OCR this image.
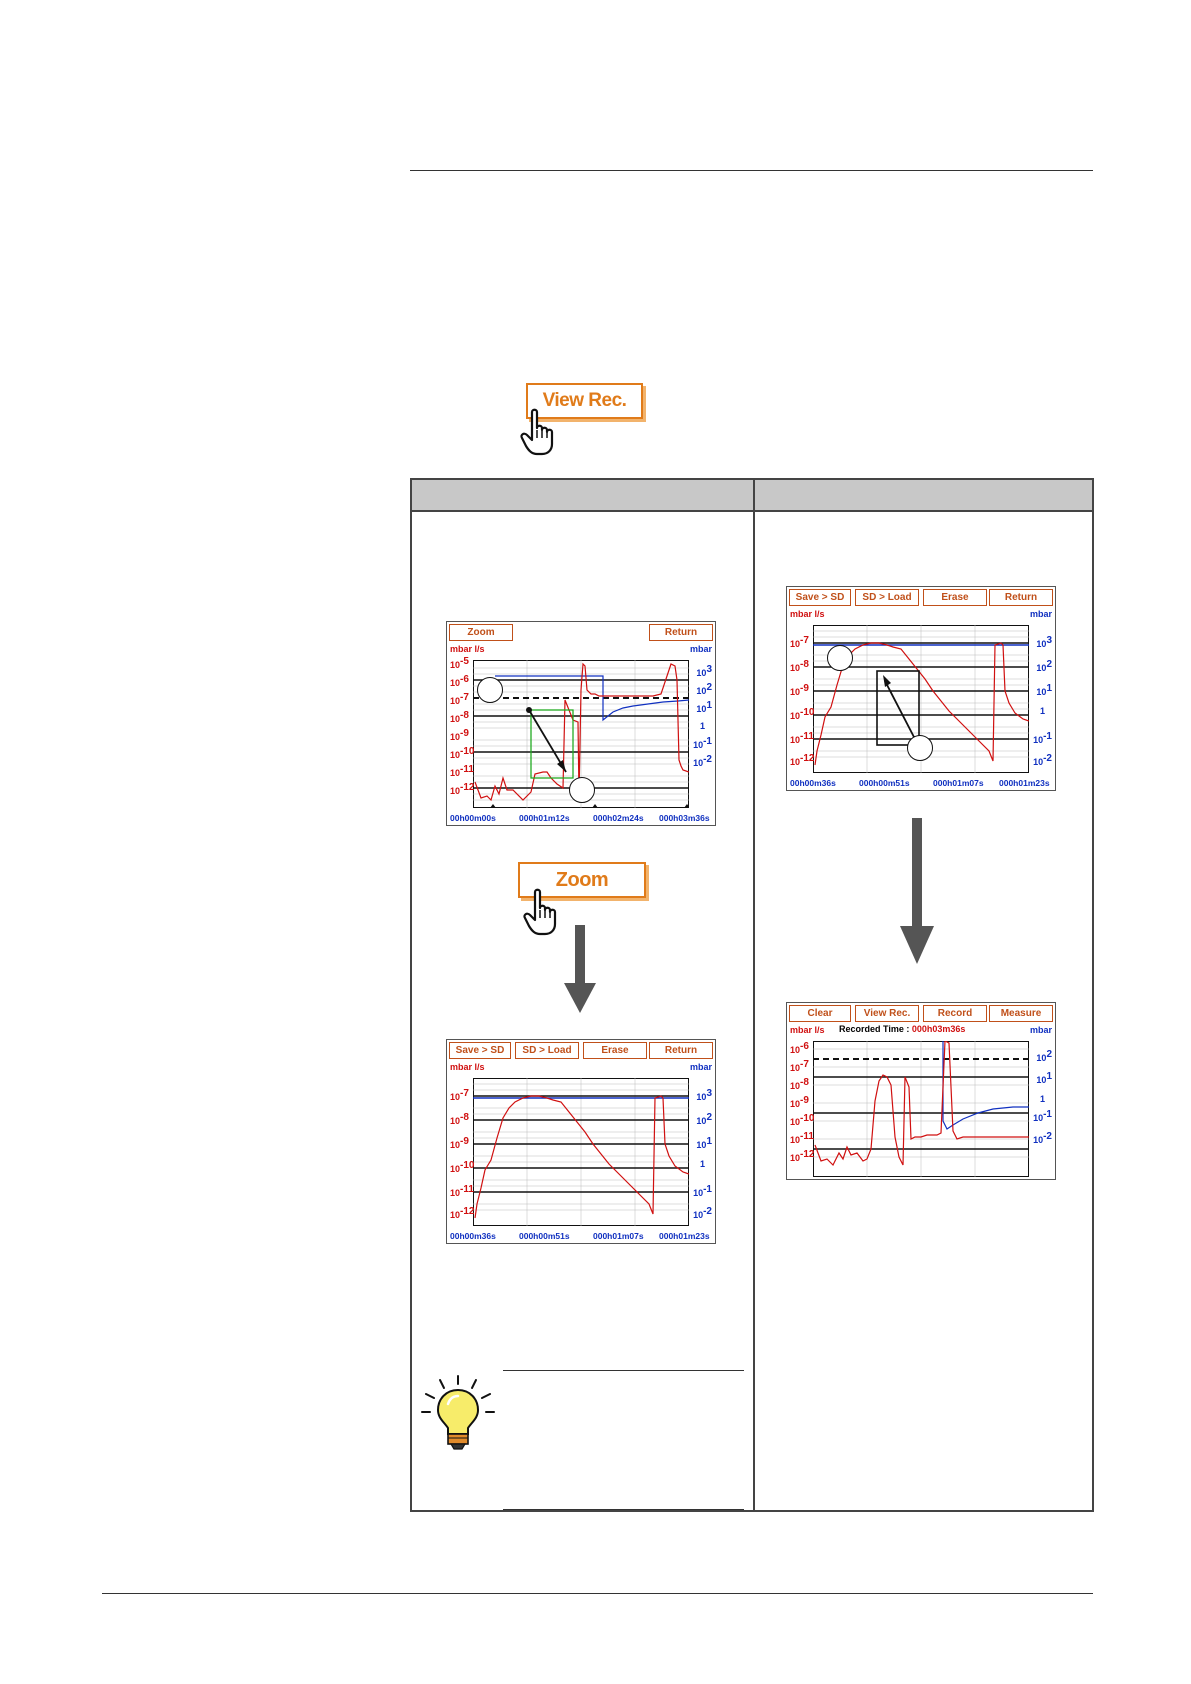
View Rec.
Zoom	Return
mbar l/s	mbar
$10^{-5}$
$10^{-6}$
$10^{-7}$
$10^{-8}$
$10^{-9}$
$10^{-10}$
$10^{-11}$
$10^{-12}$
$10^3$
$10^2$
$10^1$
1
$10^{-1}$
$10^{-2}$
00h00m00s	000h01m12s	000h02m24s 000h03m36s
Zoom
Save > SD	SD > Load	Erase	Return
mbar l/s	mbar
$10^{-7}$
$10^{-8}$
$10^{-9}$
$10^{-10}$
$10^{-11}$
$10^{-12}$
$10^3$
$10^2$
$10^1$
1
$10^{-1}$
$10^{-2}$
00h00m36s	000h00m51s	000h01m07s 000h01m23s
Save > SD	SD > Load	Erase	Return
mbar l/s	mbar
$10^{-7}$
$10^{-8}$
$10^{-9}$
$10^{-10}$
$10^{-11}$
$10^{-12}$
$10^3$
$10^2$
$10^1$
1
$10^{-1}$
$10^{-2}$
00h00m36s	000h00m51s	000h01m07s 000h01m23s
Clear	View Rec.	Record	Measure
mbar l/s	mbar
Recorded Time : 000h03m36s
$10^{-6}$
$10^{-7}$
$10^{-8}$
$10^{-9}$
$10^{-10}$
$10^{-11}$
$10^{-12}$
$10^2$
$10^1$
1
$10^{-1}$
$10^{-2}$
